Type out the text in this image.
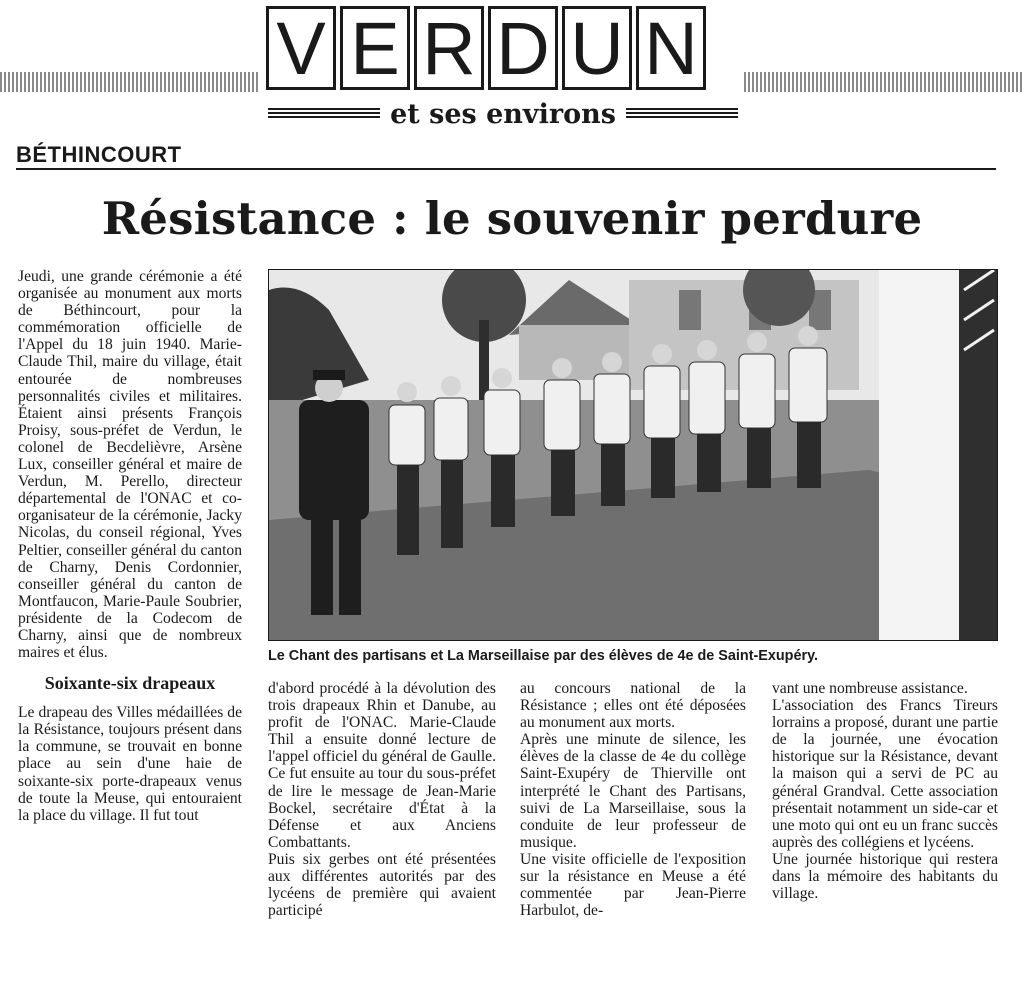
V E R D U N
et ses environs
BÉTHINCOURT
Résistance : le souvenir perdure

Jeudi, une grande cérémonie a été organisée au monument aux morts de Béthincourt, pour la commémoration officielle de l'Appel du 18 juin 1940. Marie-Claude Thil, maire du village, était entourée de nombreuses personnalités civiles et militaires. Étaient ainsi présents François Proisy, sous-préfet de Verdun, le colonel de Becdelièvre, Arsène Lux, conseiller général et maire de Verdun, M. Perello, directeur départemental de l'ONAC et co-organisateur de la cérémonie, Jacky Nicolas, du conseil régional, Yves Peltier, conseiller général du canton de Charny, Denis Cordonnier, conseiller général du canton de Montfaucon, Marie-Paule Soubrier, présidente de la Codecom de Charny, ainsi que de nombreux maires et élus.

Soixante-six drapeaux

Le drapeau des Villes médaillées de la Résistance, toujours présent dans la commune, se trouvait en bonne place au sein d'une haie de soixante-six porte-drapeaux venus de toute la Meuse, qui entouraient la place du village. Il fut tout

Le Chant des partisans et La Marseillaise par des élèves de 4e de Saint-Exupéry.

d'abord procédé à la dévolution des trois drapeaux Rhin et Danube, au profit de l'ONAC. Marie-Claude Thil a ensuite donné lecture de l'appel officiel du général de Gaulle. Ce fut ensuite au tour du sous-préfet de lire le message de Jean-Marie Bockel, secrétaire d'État à la Défense et aux Anciens Combattants.

Puis six gerbes ont été présentées aux différentes autorités par des lycéens de première qui avaient participé

au concours national de la Résistance ; elles ont été déposées au monument aux morts.

Après une minute de silence, les élèves de la classe de 4e du collège Saint-Exupéry de Thierville ont interprété le Chant des Partisans, suivi de La Marseillaise, sous la conduite de leur professeur de musique.

Une visite officielle de l'exposition sur la résistance en Meuse a été commentée par Jean-Pierre Harbulot, de-

vant une nombreuse assistance.

L'association des Francs Tireurs lorrains a proposé, durant une partie de la journée, une évocation historique sur la Résistance, devant la maison qui a servi de PC au général Grandval. Cette association présentait notamment un side-car et une moto qui ont eu un franc succès auprès des collégiens et lycéens.

Une journée historique qui restera dans la mémoire des habitants du village.
